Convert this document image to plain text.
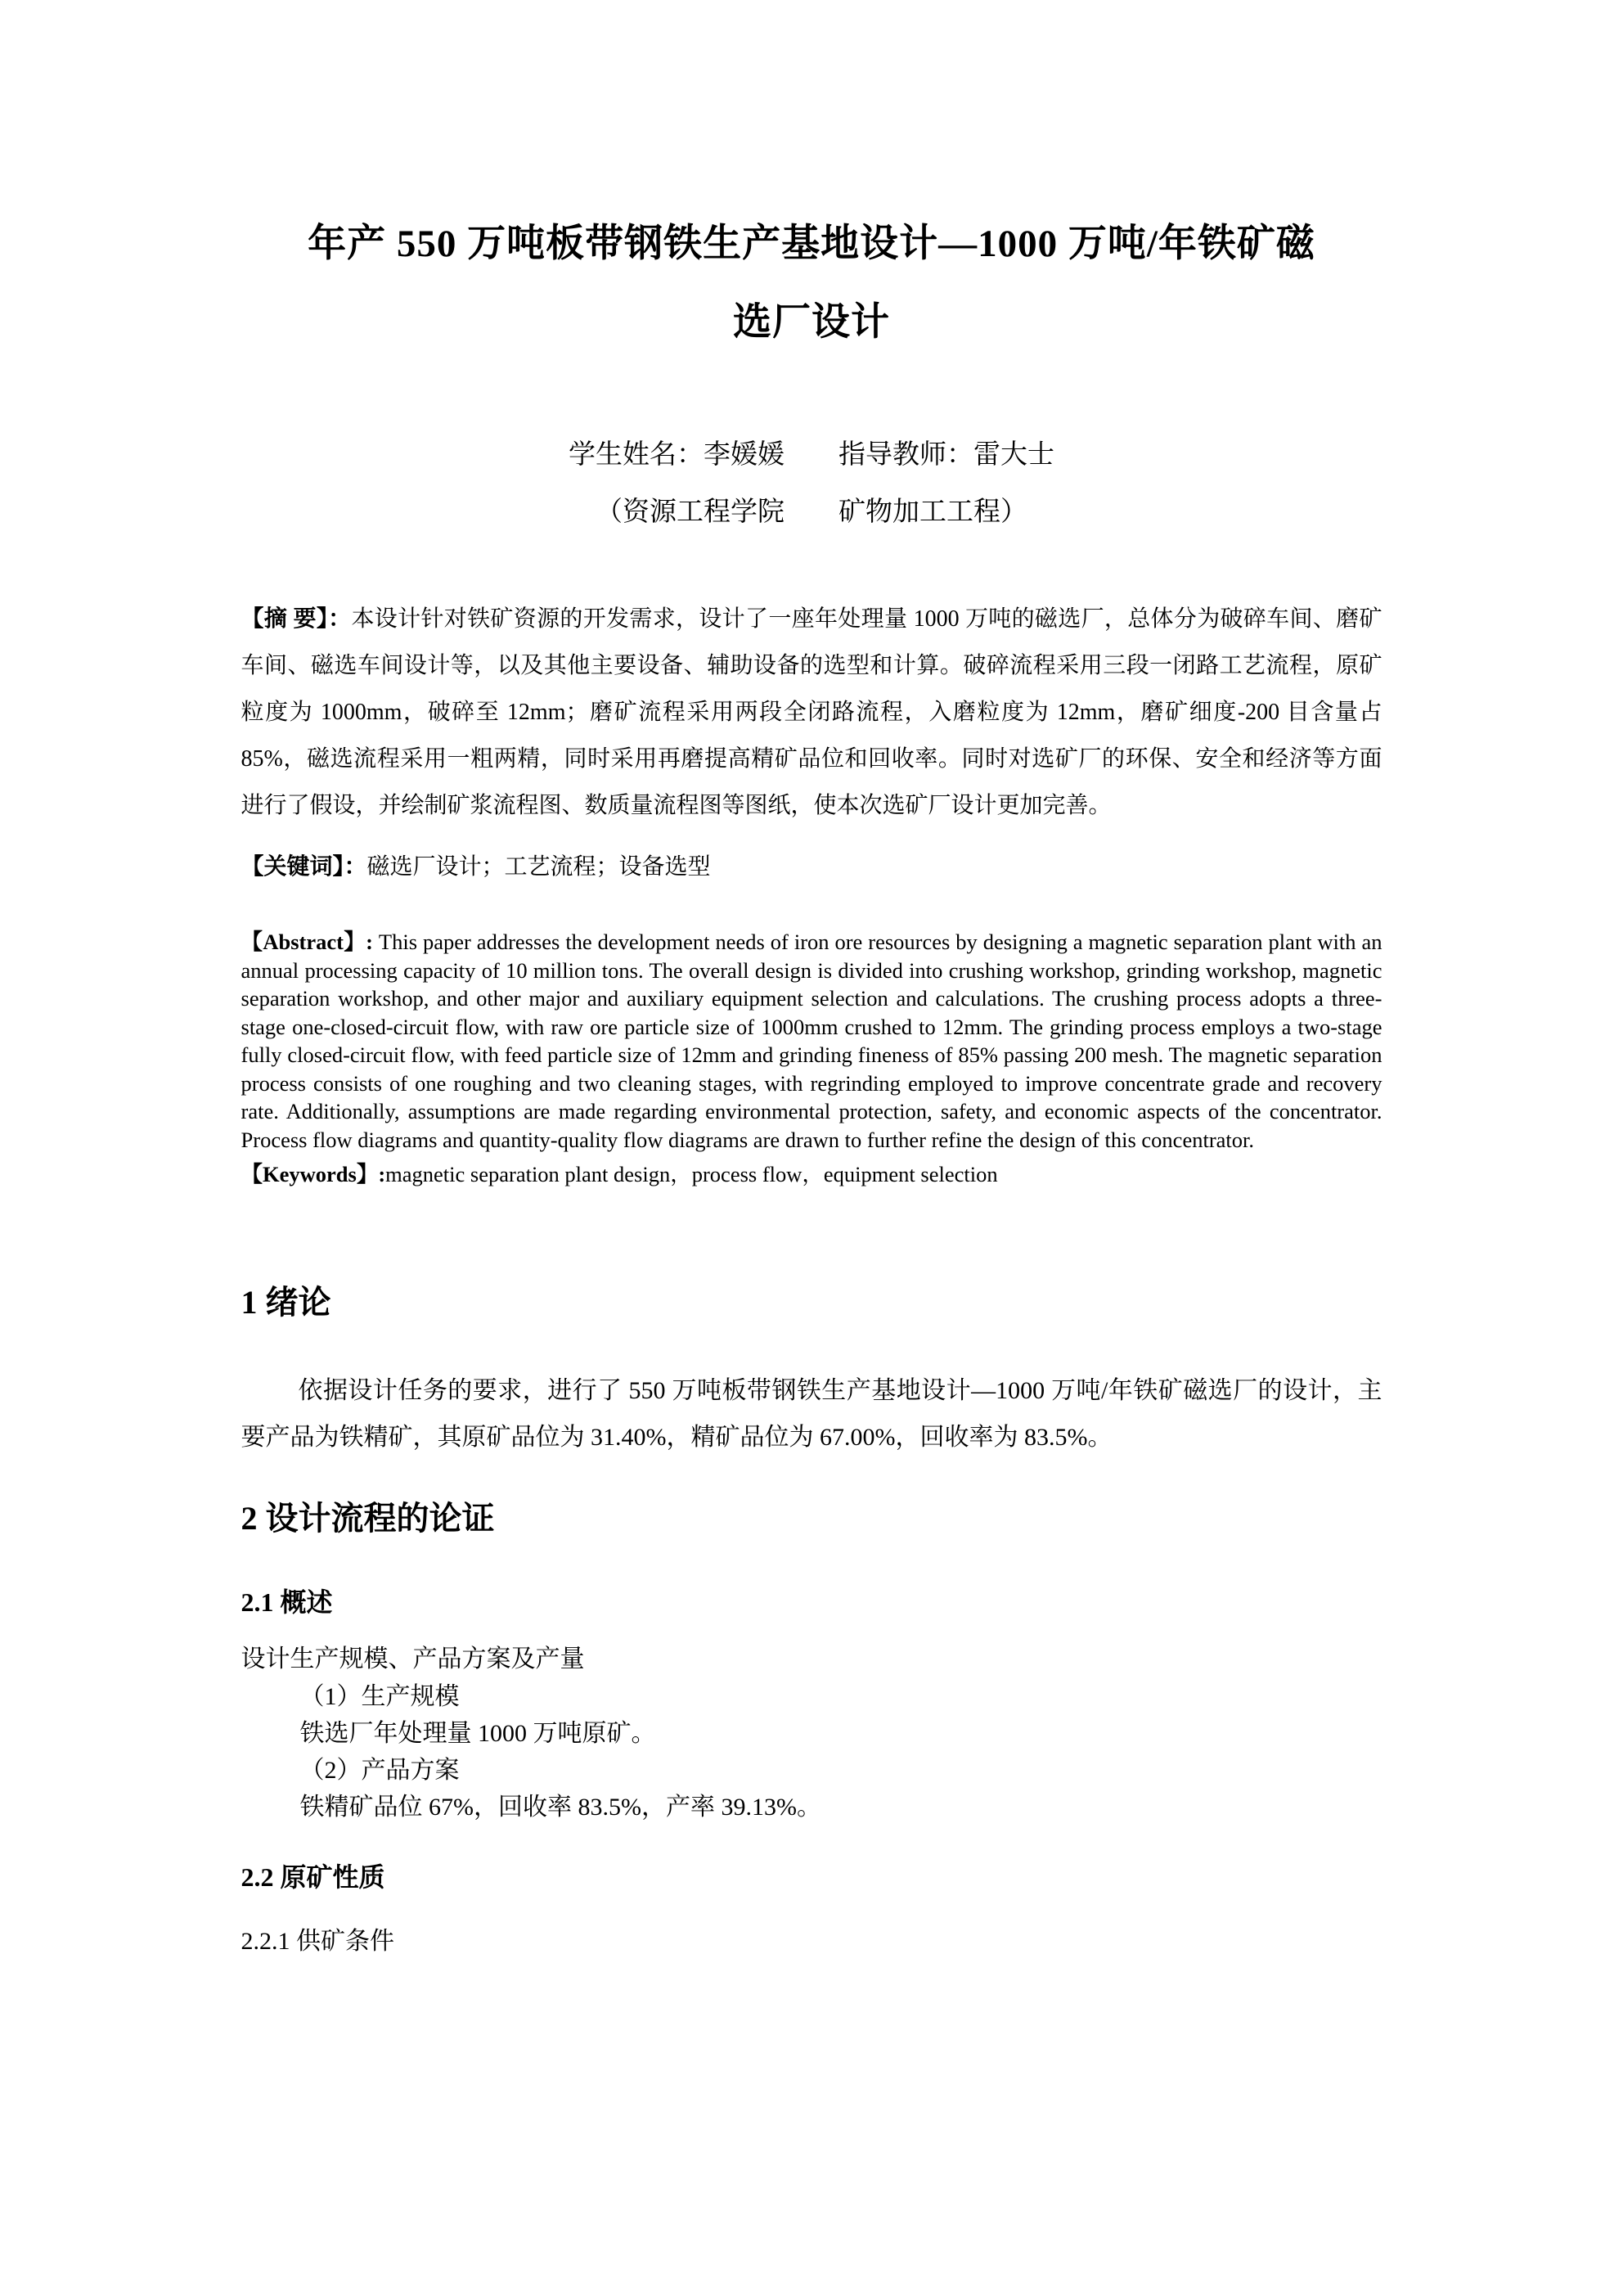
年产 550 万吨板带钢铁生产基地设计—1000 万吨/年铁矿磁
选厂设计
学生姓名：李媛媛 指导教师：雷大士
（资源工程学院　　矿物加工工程）
【摘 要】：本设计针对铁矿资源的开发需求，设计了一座年处理量 1000 万吨的磁选厂，总体分为破碎车间、磨矿车间、磁选车间设计等，以及其他主要设备、辅助设备的选型和计算。破碎流程采用三段一闭路工艺流程，原矿粒度为 1000mm，破碎至 12mm；磨矿流程采用两段全闭路流程，入磨粒度为 12mm，磨矿细度-200 目含量占 85%，磁选流程采用一粗两精，同时采用再磨提高精矿品位和回收率。同时对选矿厂的环保、安全和经济等方面进行了假设，并绘制矿浆流程图、数质量流程图等图纸，使本次选矿厂设计更加完善。
【关键词】：磁选厂设计；工艺流程；设备选型
【Abstract】: This paper addresses the development needs of iron ore resources by designing a magnetic separation plant with an annual processing capacity of 10 million tons. The overall design is divided into crushing workshop, grinding workshop, magnetic separation workshop, and other major and auxiliary equipment selection and calculations. The crushing process adopts a three-stage one-closed-circuit flow, with raw ore particle size of 1000mm crushed to 12mm. The grinding process employs a two-stage fully closed-circuit flow, with feed particle size of 12mm and grinding fineness of 85% passing 200 mesh. The magnetic separation process consists of one roughing and two cleaning stages, with regrinding employed to improve concentrate grade and recovery rate. Additionally, assumptions are made regarding environmental protection, safety, and economic aspects of the concentrator. Process flow diagrams and quantity-quality flow diagrams are drawn to further refine the design of this concentrator.
【Keywords】:magnetic separation plant design，process flow，equipment selection
1 绪论
依据设计任务的要求，进行了 550 万吨板带钢铁生产基地设计—1000 万吨/年铁矿磁选厂的设计，主要产品为铁精矿，其原矿品位为 31.40%，精矿品位为 67.00%，回收率为 83.5%。
2 设计流程的论证
2.1 概述
设计生产规模、产品方案及产量
（1）生产规模
铁选厂年处理量 1000 万吨原矿。
（2）产品方案
铁精矿品位 67%，回收率 83.5%，产率 39.13%。
2.2 原矿性质
2.2.1 供矿条件
